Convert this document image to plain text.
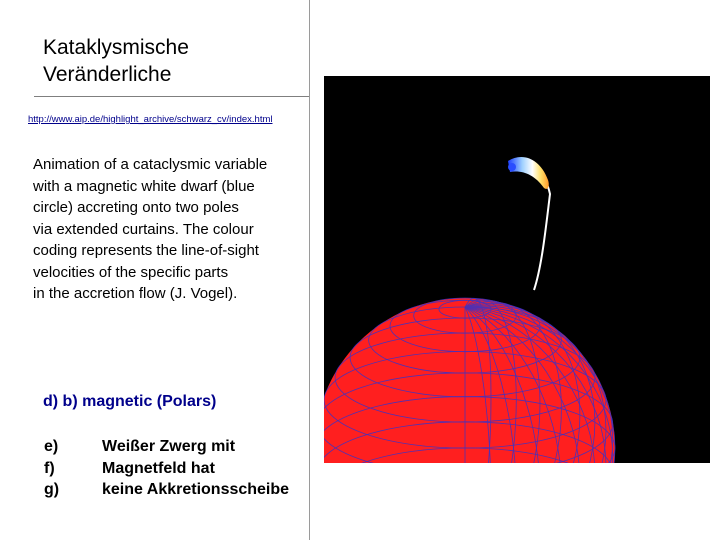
Kataklysmische
Veränderliche
http://www.aip.de/highlight_archive/schwarz_cv/index.html
Animation of a cataclysmic variable
with a magnetic white dwarf (blue
circle) accreting onto two poles
via extended curtains. The colour
coding represents the line-of-sight
velocities of the specific parts
in the accretion flow (J. Vogel).
d) b) magnetic (Polars)
e)	Weißer Zwerg mit
f)	Magnetfeld hat
g)	keine Akkretionsscheibe
